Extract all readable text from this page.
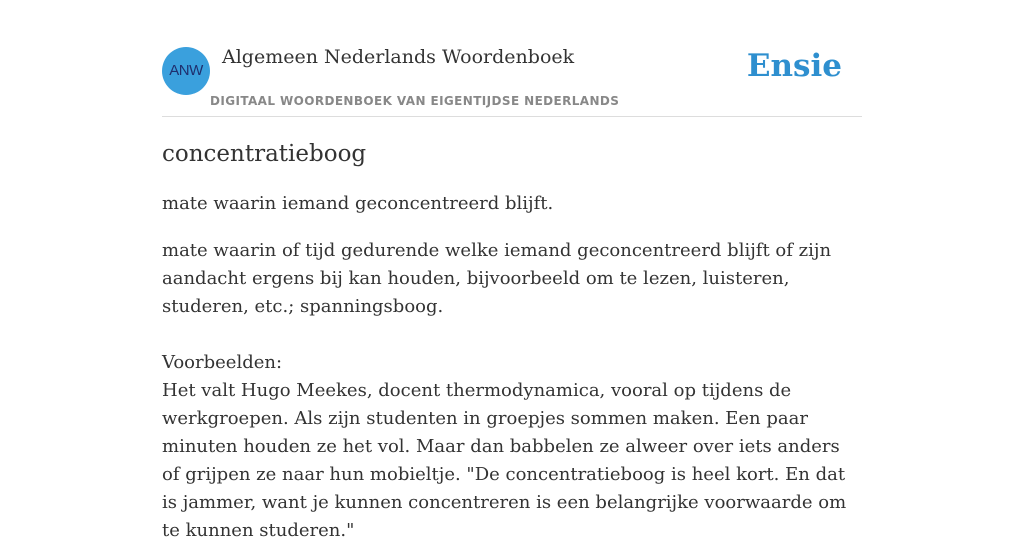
ANW
Algemeen Nederlands Woordenboek
DIGITAAL WOORDENBOEK VAN EIGENTIJDSE NEDERLANDS
Ensie
concentratieboog

mate waarin iemand geconcentreerd blijft.

mate waarin of tijd gedurende welke iemand geconcentreerd blijft of zijn aandacht ergens bij kan houden, bijvoorbeeld om te lezen, luisteren, studeren, etc.; spanningsboog.

Voorbeelden:

Het valt Hugo Meekes, docent thermodynamica, vooral op tijdens de werkgroepen. Als zijn studenten in groepjes sommen maken. Een paar minuten houden ze het vol. Maar dan babbelen ze alweer over iets anders of grijpen ze naar hun mobieltje. "De concentratieboog is heel kort. En dat is jammer, want je kunnen concentreren is een belangrijke voorwaarde om te kunnen studeren."
